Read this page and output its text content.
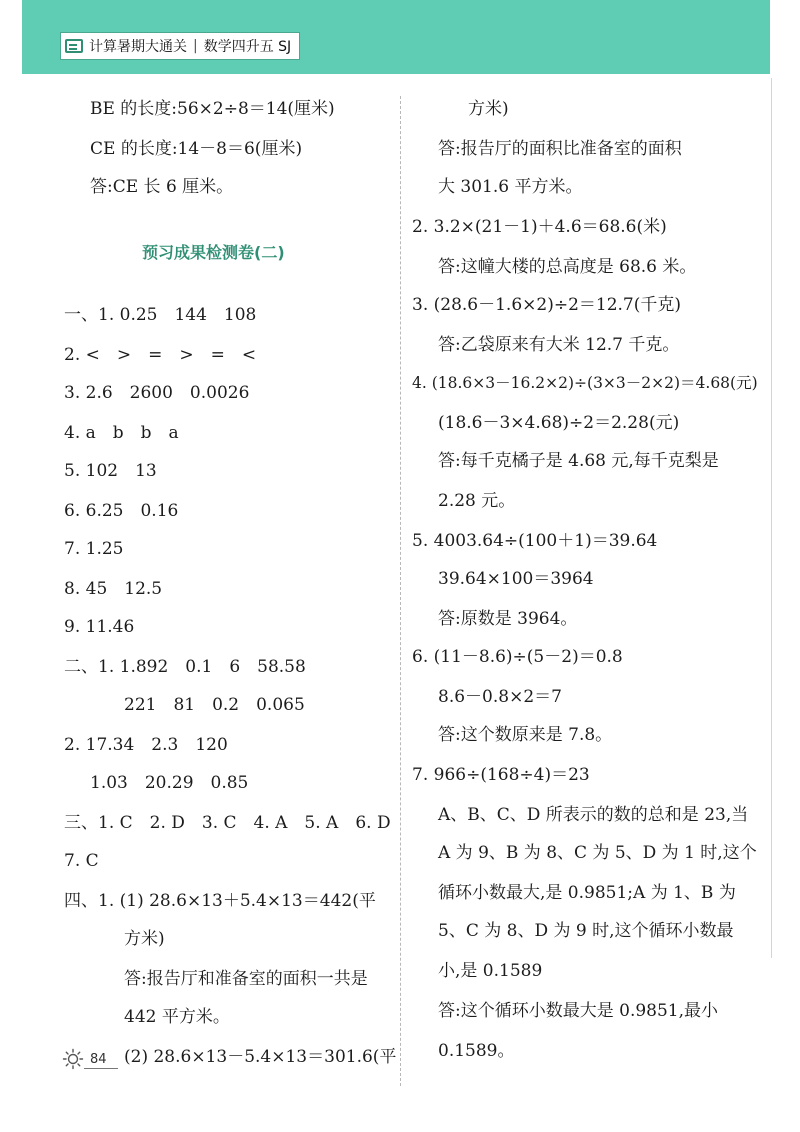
计算暑期大通关 | 数学四升五 SJ
BE 的长度:56×2÷8＝14(厘米)
CE 的长度:14－8＝6(厘米)
答:CE 长 6 厘米。
预习成果检测卷(二)
一、1. 0.25　144　108
2. <　>　=　>　=　<
3. 2.6　2600　0.0026
4. a　b　b　a
5. 102　13
6. 6.25　0.16
7. 1.25
8. 45　12.5
9. 11.46
二、1. 1.892　0.1　6　58.58
221　81　0.2　0.065
2. 17.34　2.3　120
1.03　20.29　0.85
三、1. C　2. D　3. C　4. A　5. A　6. D
7. C
四、1. (1) 28.6×13＋5.4×13＝442(平
方米)
答:报告厅和准备室的面积一共是
442 平方米。
(2) 28.6×13－5.4×13＝301.6(平
方米)
答:报告厅的面积比准备室的面积
大 301.6 平方米。
2. 3.2×(21－1)＋4.6＝68.6(米)
答:这幢大楼的总高度是 68.6 米。
3. (28.6－1.6×2)÷2＝12.7(千克)
答:乙袋原来有大米 12.7 千克。
4. (18.6×3－16.2×2)÷(3×3－2×2)＝4.68(元)
(18.6－3×4.68)÷2＝2.28(元)
答:每千克橘子是 4.68 元,每千克梨是
2.28 元。
5. 4003.64÷(100＋1)＝39.64
39.64×100＝3964
答:原数是 3964。
6. (11－8.6)÷(5－2)＝0.8
8.6－0.8×2＝7
答:这个数原来是 7.8。
7. 966÷(168÷4)＝23
A、B、C、D 所表示的数的总和是 23,当
A 为 9、B 为 8、C 为 5、D 为 1 时,这个
循环小数最大,是 0.9851;A 为 1、B 为
5、C 为 8、D 为 9 时,这个循环小数最
小,是 0.1589
答:这个循环小数最大是 0.9851,最小
0.1589。
84
